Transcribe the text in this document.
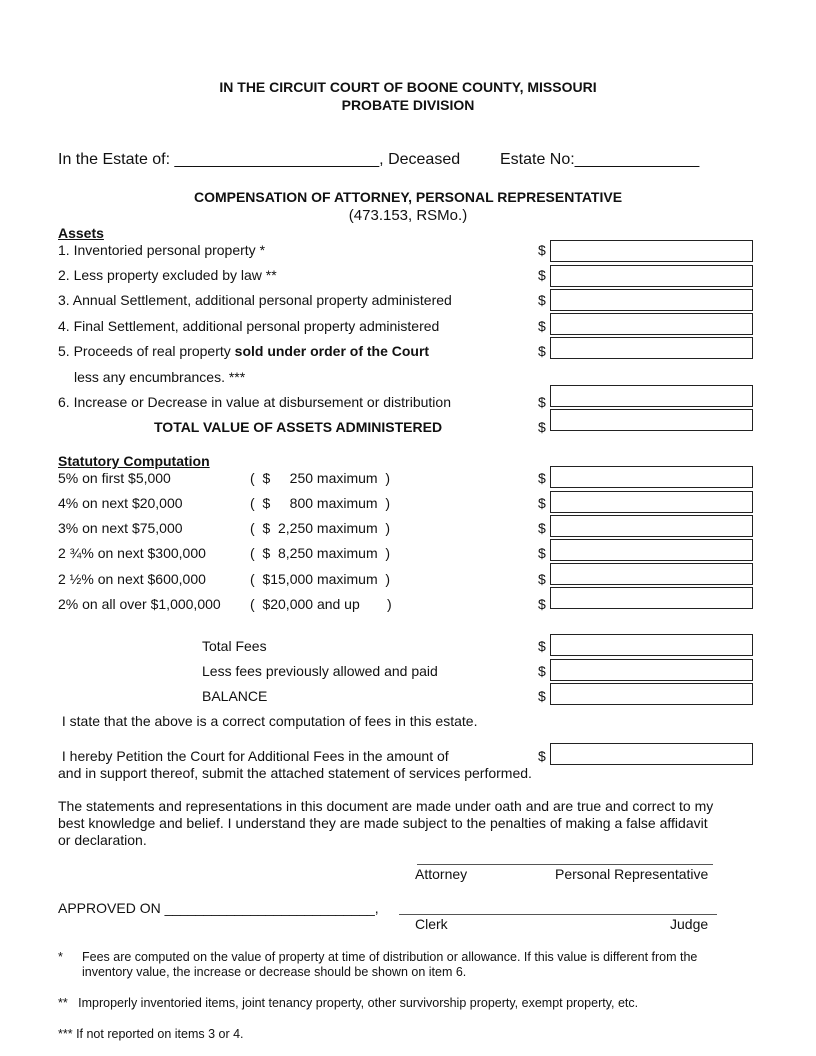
IN THE CIRCUIT COURT OF BOONE COUNTY, MISSOURI
PROBATE DIVISION
In the Estate of: _______________________, Deceased Estate No:______________
COMPENSATION OF ATTORNEY, PERSONAL REPRESENTATIVE
(473.153, RSMo.)
Assets
1. Inventoried personal property *	$
2. Less property excluded by law **	$
3. Annual Settlement, additional personal property administered	$
4. Final Settlement, additional personal property administered	$
5. Proceeds of real property sold under order of the Court	$
less any encumbrances. ***
6. Increase or Decrease in value at disbursement or distribution	$
TOTAL VALUE OF ASSETS ADMINISTERED	$
Statutory Computation
5% on first $5,000	(  $     250 maximum  )	$
4% on next $20,000	(  $     800 maximum  )	$
3% on next $75,000	(  $  2,250 maximum  )	$
2 ¾% on next $300,000	(  $  8,250 maximum  )	$
2 ½% on next $600,000	(  $15,000 maximum  )	$
2% on all over $1,000,000 (  $20,000 and up       )	$
Total Fees	$
Less fees previously allowed and paid	$
BALANCE	$
I state that the above is a correct computation of fees in this estate.
I hereby Petition the Court for Additional Fees in the amount of	$
and in support thereof, submit the attached statement of services performed.
The statements and representations in this document are made under oath and are true and correct to my
best knowledge and belief. I understand they are made subject to the penalties of making a false affidavit
or declaration.
Attorney	Personal Representative
APPROVED ON ___________________________,
Clerk	Judge
* Fees are computed on the value of property at time of distribution or allowance. If this value is different from the
inventory value, the increase or decrease should be shown on item 6.
**   Improperly inventoried items, joint tenancy property, other survivorship property, exempt property, etc.
*** If not reported on items 3 or 4.
